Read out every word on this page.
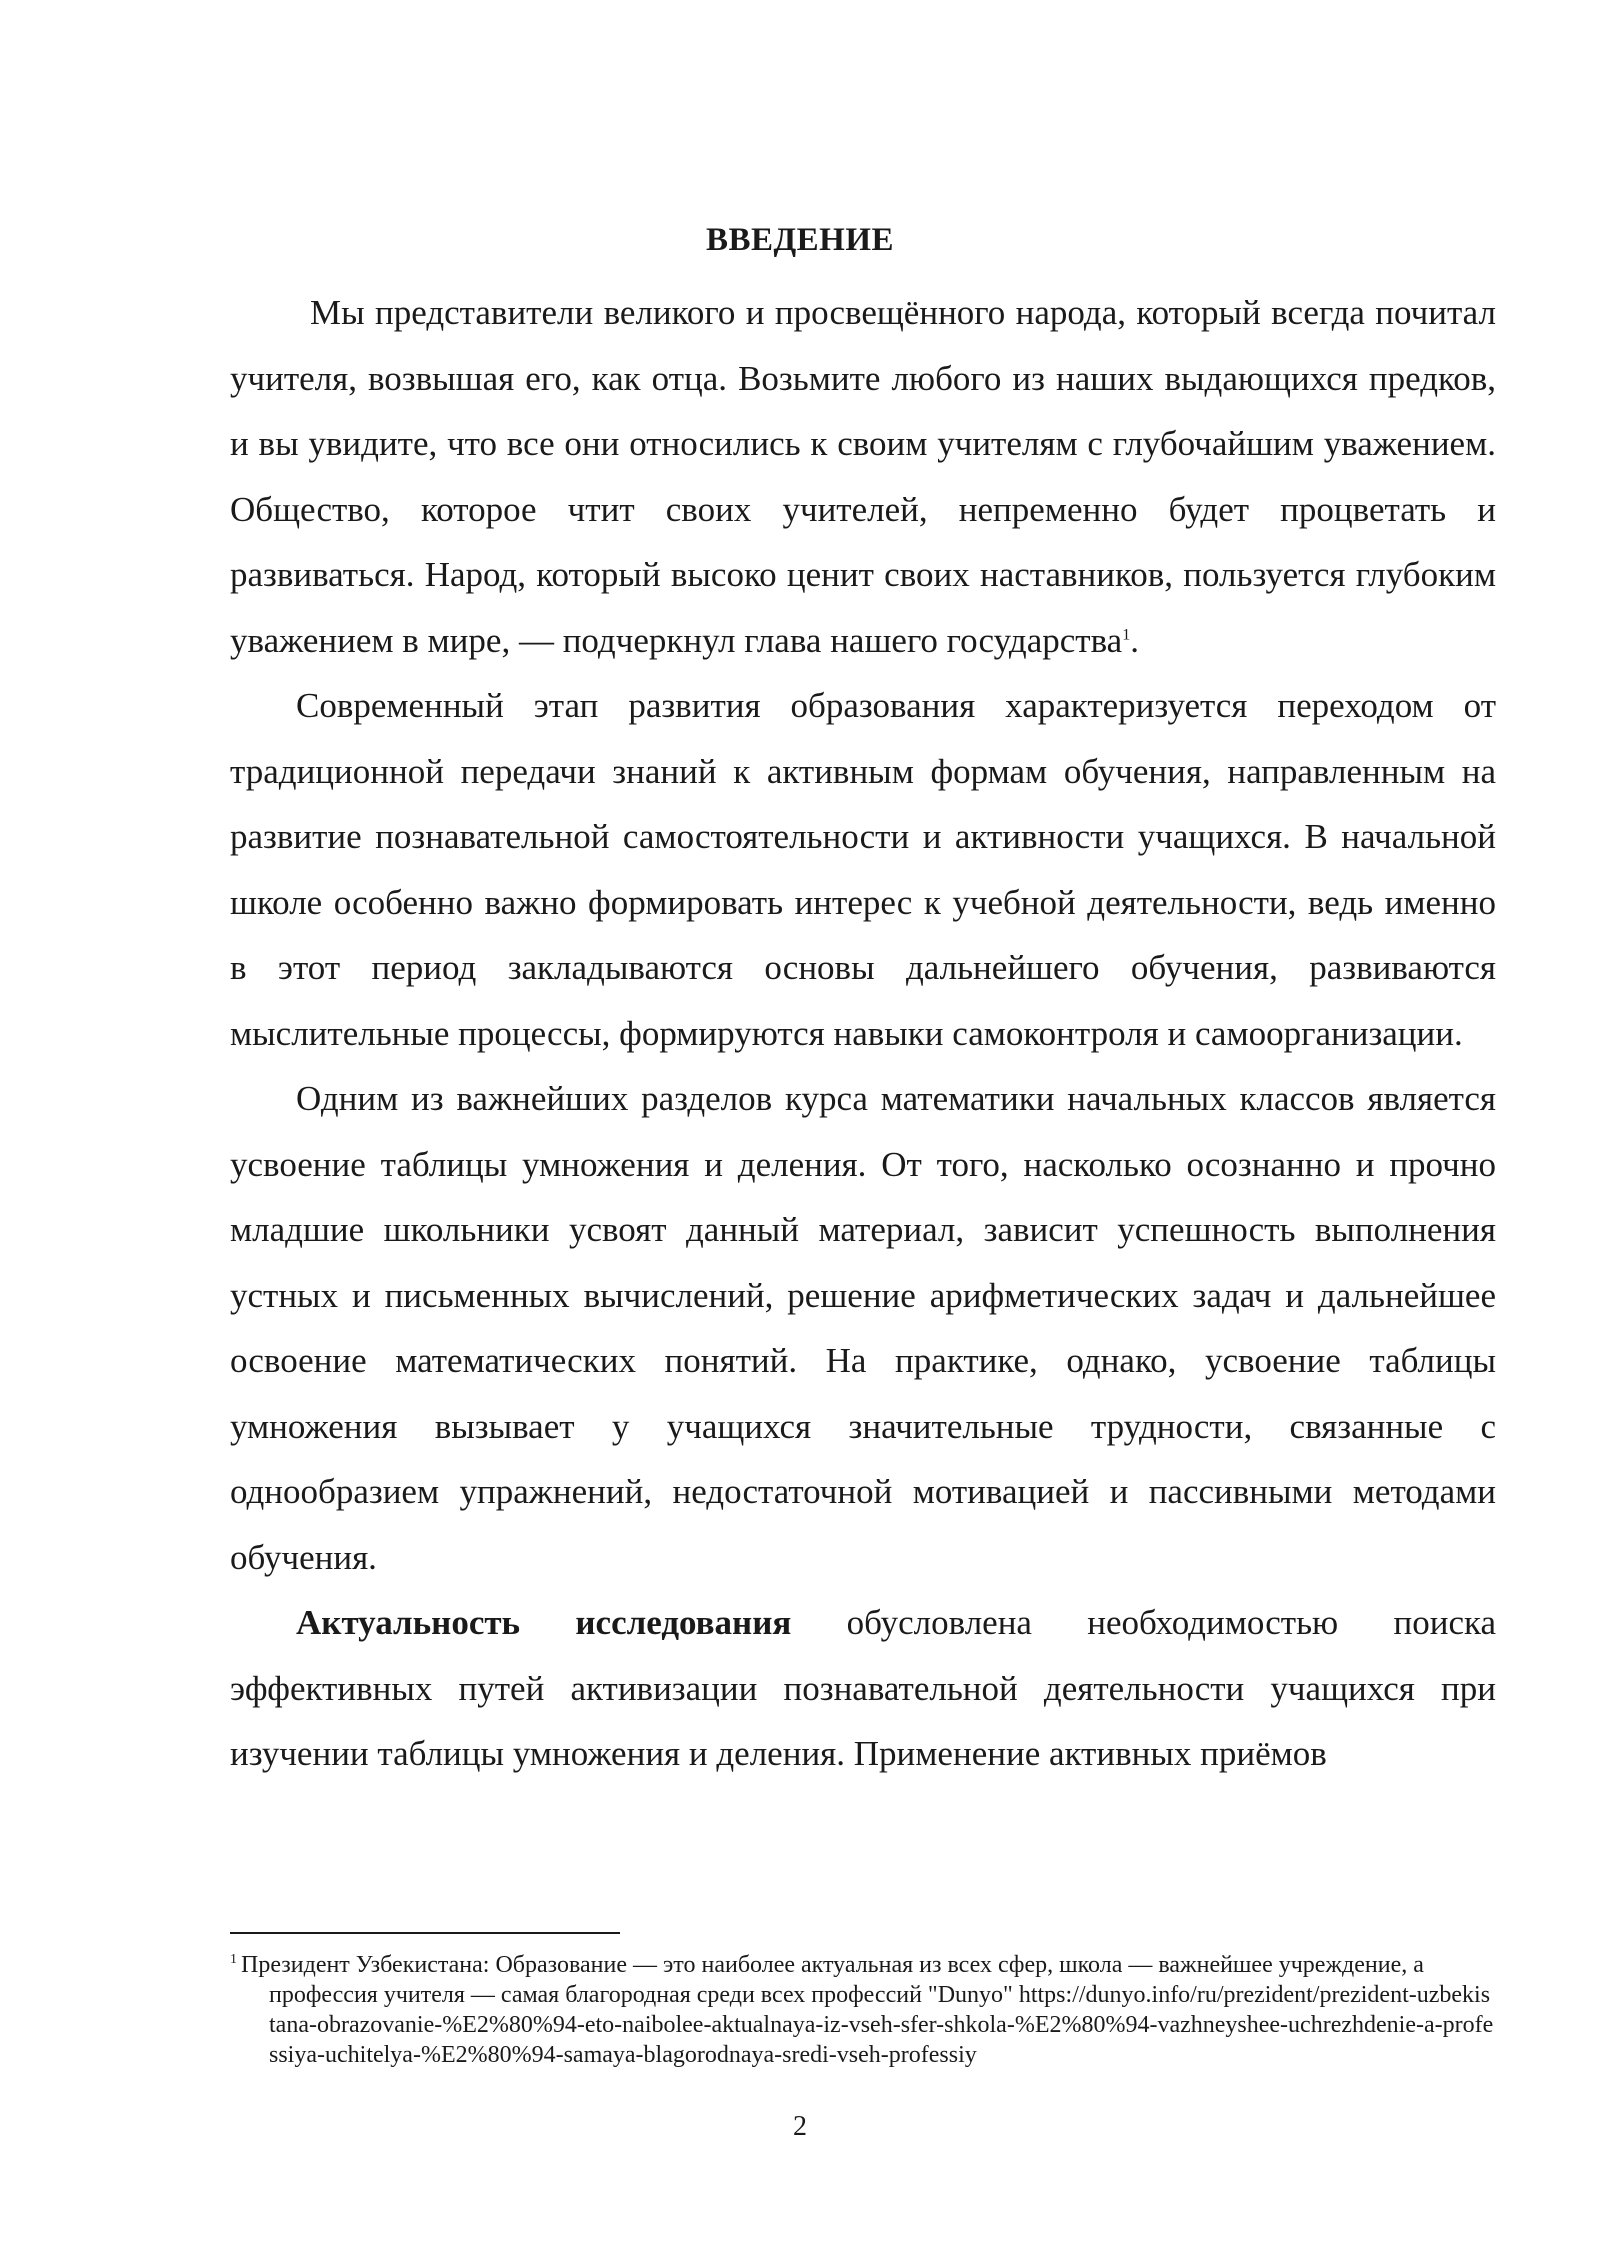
ВВЕДЕНИЕ

Мы представители великого и просвещённого народа, который всегда почитал учителя, возвышая его, как отца. Возьмите любого из наших выдающихся предков, и вы увидите, что все они относились к своим учителям с глубочайшим уважением. Общество, которое чтит своих учителей, непременно будет процветать и развиваться. Народ, который высоко ценит своих наставников, пользуется глубоким уважением в мире, — подчеркнул глава нашего государства$^1$.

Современный этап развития образования характеризуется переходом от традиционной передачи знаний к активным формам обучения, направленным на развитие познавательной самостоятельности и активности учащихся. В начальной школе особенно важно формировать интерес к учебной деятельности, ведь именно в этот период закладываются основы дальнейшего обучения, развиваются мыслительные процессы, формируются навыки самоконтроля и самоорганизации.

Одним из важнейших разделов курса математики начальных классов является усвоение таблицы умножения и деления. От того, насколько осознанно и прочно младшие школьники усвоят данный материал, зависит успешность выполнения устных и письменных вычислений, решение арифметических задач и дальнейшее освоение математических понятий. На практике, однако, усвоение таблицы умножения вызывает у учащихся значительные трудности, связанные с однообразием упражнений, недостаточной мотивацией и пассивными методами обучения.

Актуальность исследования обусловлена необходимостью поиска эффективных путей активизации познавательной деятельности учащихся при изучении таблицы умножения и деления. Применение активных приёмов

$^1$ Президент Узбекистана: Образование — это наиболее актуальная из всех сфер, школа — важнейшее учреждение, а профессия учителя — самая благородная среди всех профессий "Dunyo" https://dunyo.info/ru/prezident/prezident-uzbekistana-obrazovanie-%E2%80%94-eto-naibolee-aktualnaya-iz-vseh-sfer-shkola-%E2%80%94-vazhneyshee-uchrezhdenie-a-professiya-uchitelya-%E2%80%94-samaya-blagorodnaya-sredi-vseh-professiy
2
